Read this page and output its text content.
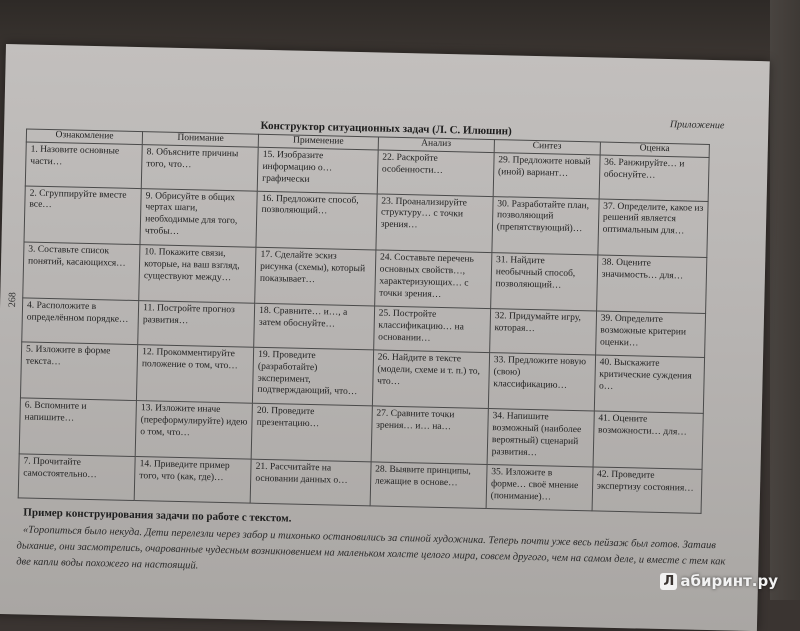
268
Приложение
Конструктор ситуационных задач (Л. С. Илюшин)
Ознакомление	Понимание	Применение	Анализ	Синтез	Оценка
1. Назовите основные части…	8. Объясните причины того, что…	15. Изобразите информацию о… графически	22. Раскройте особенности…	29. Предложите новый (иной) вариант…	36. Ранжируйте… и обоснуйте…
2. Сгруппируйте вместе все…	9. Обрисуйте в общих чертах шаги, необходимые для того, чтобы…	16. Предложите способ, позволяющий…	23. Проанализируйте структуру… с точки зрения…	30. Разработайте план, позволяющий (препятствующий)…	37. Определите, какое из решений является оптимальным для…
3. Составьте список понятий, касающихся…	10. Покажите связи, которые, на ваш взгляд, существуют между…	17. Сделайте эскиз рисунка (схемы), который показывает…	24. Составьте перечень основных свойств…, характеризующих… с точки зрения…	31. Найдите необычный способ, позволяющий…	38. Оцените значимость… для…
4. Расположите в определённом порядке…	11. Постройте прогноз развития…	18. Сравните… и…, а затем обоснуйте…	25. Постройте классификацию… на основании…	32. Придумайте игру, которая…	39. Определите возможные критерии оценки…
5. Изложите в форме текста…	12. Прокомментируйте положение о том, что…	19. Проведите (разработайте) эксперимент, подтверждающий, что…	26. Найдите в тексте (модели, схеме и т. п.) то, что…	33. Предложите новую (свою) классификацию…	40. Выскажите критические суждения о…
6. Вспомните и напишите…	13. Изложите иначе (переформулируйте) идею о том, что…	20. Проведите презентацию…	27. Сравните точки зрения… и… на…	34. Напишите возможный (наиболее вероятный) сценарий развития…	41. Оцените возможности… для…
7. Прочитайте самостоятельно…	14. Приведите пример того, что (как, где)…	21. Рассчитайте на основании данных о…	28. Выявите принципы, лежащие в основе…	35. Изложите в форме… своё мнение (понимание)…	42. Проведите экспертизу состояния…
Пример конструирования задачи по работе с текстом.
«Торопиться было некуда. Дети перелезли через забор и тихонько остановились за спиной художника. Теперь почти уже весь пейзаж был готов. Затаив дыхание, они засмотрелись, очарованные чудесным возникновением на маленьком холсте целого мира, совсем другого, чем на самом деле, и вместе с тем как две капли воды похожего на настоящий.
Л абиринт.ру
